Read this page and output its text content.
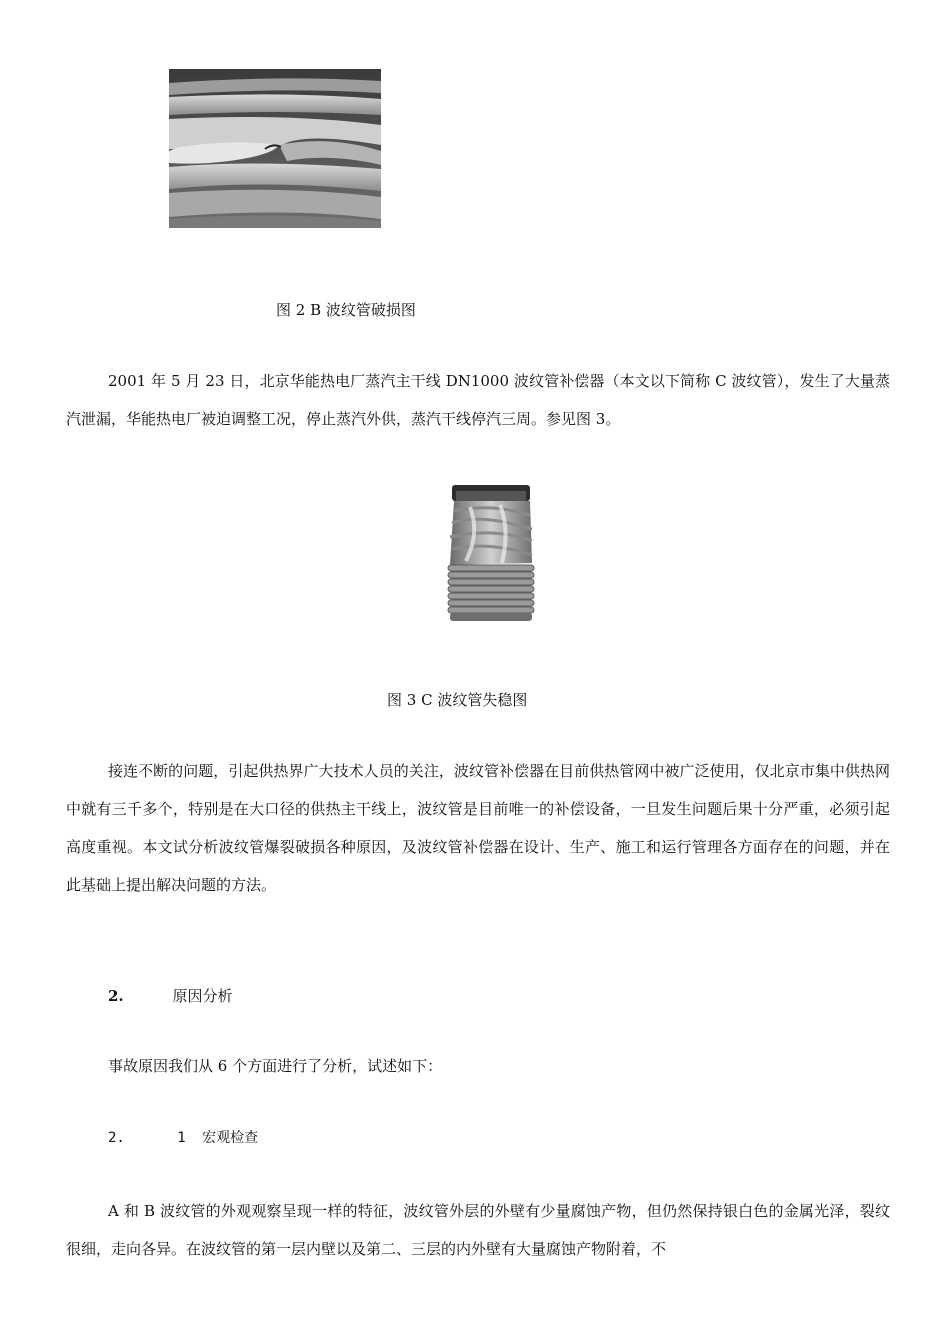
图 2 B 波纹管破损图

2001 年 5 月 23 日，北京华能热电厂蒸汽主干线 DN1000 波纹管补偿器（本文以下简称 C 波纹管），发生了大量蒸汽泄漏，华能热电厂被迫调整工况，停止蒸汽外供，蒸汽干线停汽三周。参见图 3。

图 3 C 波纹管失稳图

接连不断的问题，引起供热界广大技术人员的关注，波纹管补偿器在目前供热管网中被广泛使用，仅北京市集中供热网中就有三千多个，特别是在大口径的供热主干线上，波纹管是目前唯一的补偿设备，一旦发生问题后果十分严重，必须引起高度重视。本文试分析波纹管爆裂破损各种原因，及波纹管补偿器在设计、生产、施工和运行管理各方面存在的问题，并在此基础上提出解决问题的方法。

2.	原因分析
事故原因我们从 6 个方面进行了分析，试述如下：
2.	1 宏观检查

A 和 B 波纹管的外观观察呈现一样的特征，波纹管外层的外壁有少量腐蚀产物，但仍然保持银白色的金属光泽，裂纹很细，走向各异。在波纹管的第一层内壁以及第二、三层的内外壁有大量腐蚀产物附着，不
